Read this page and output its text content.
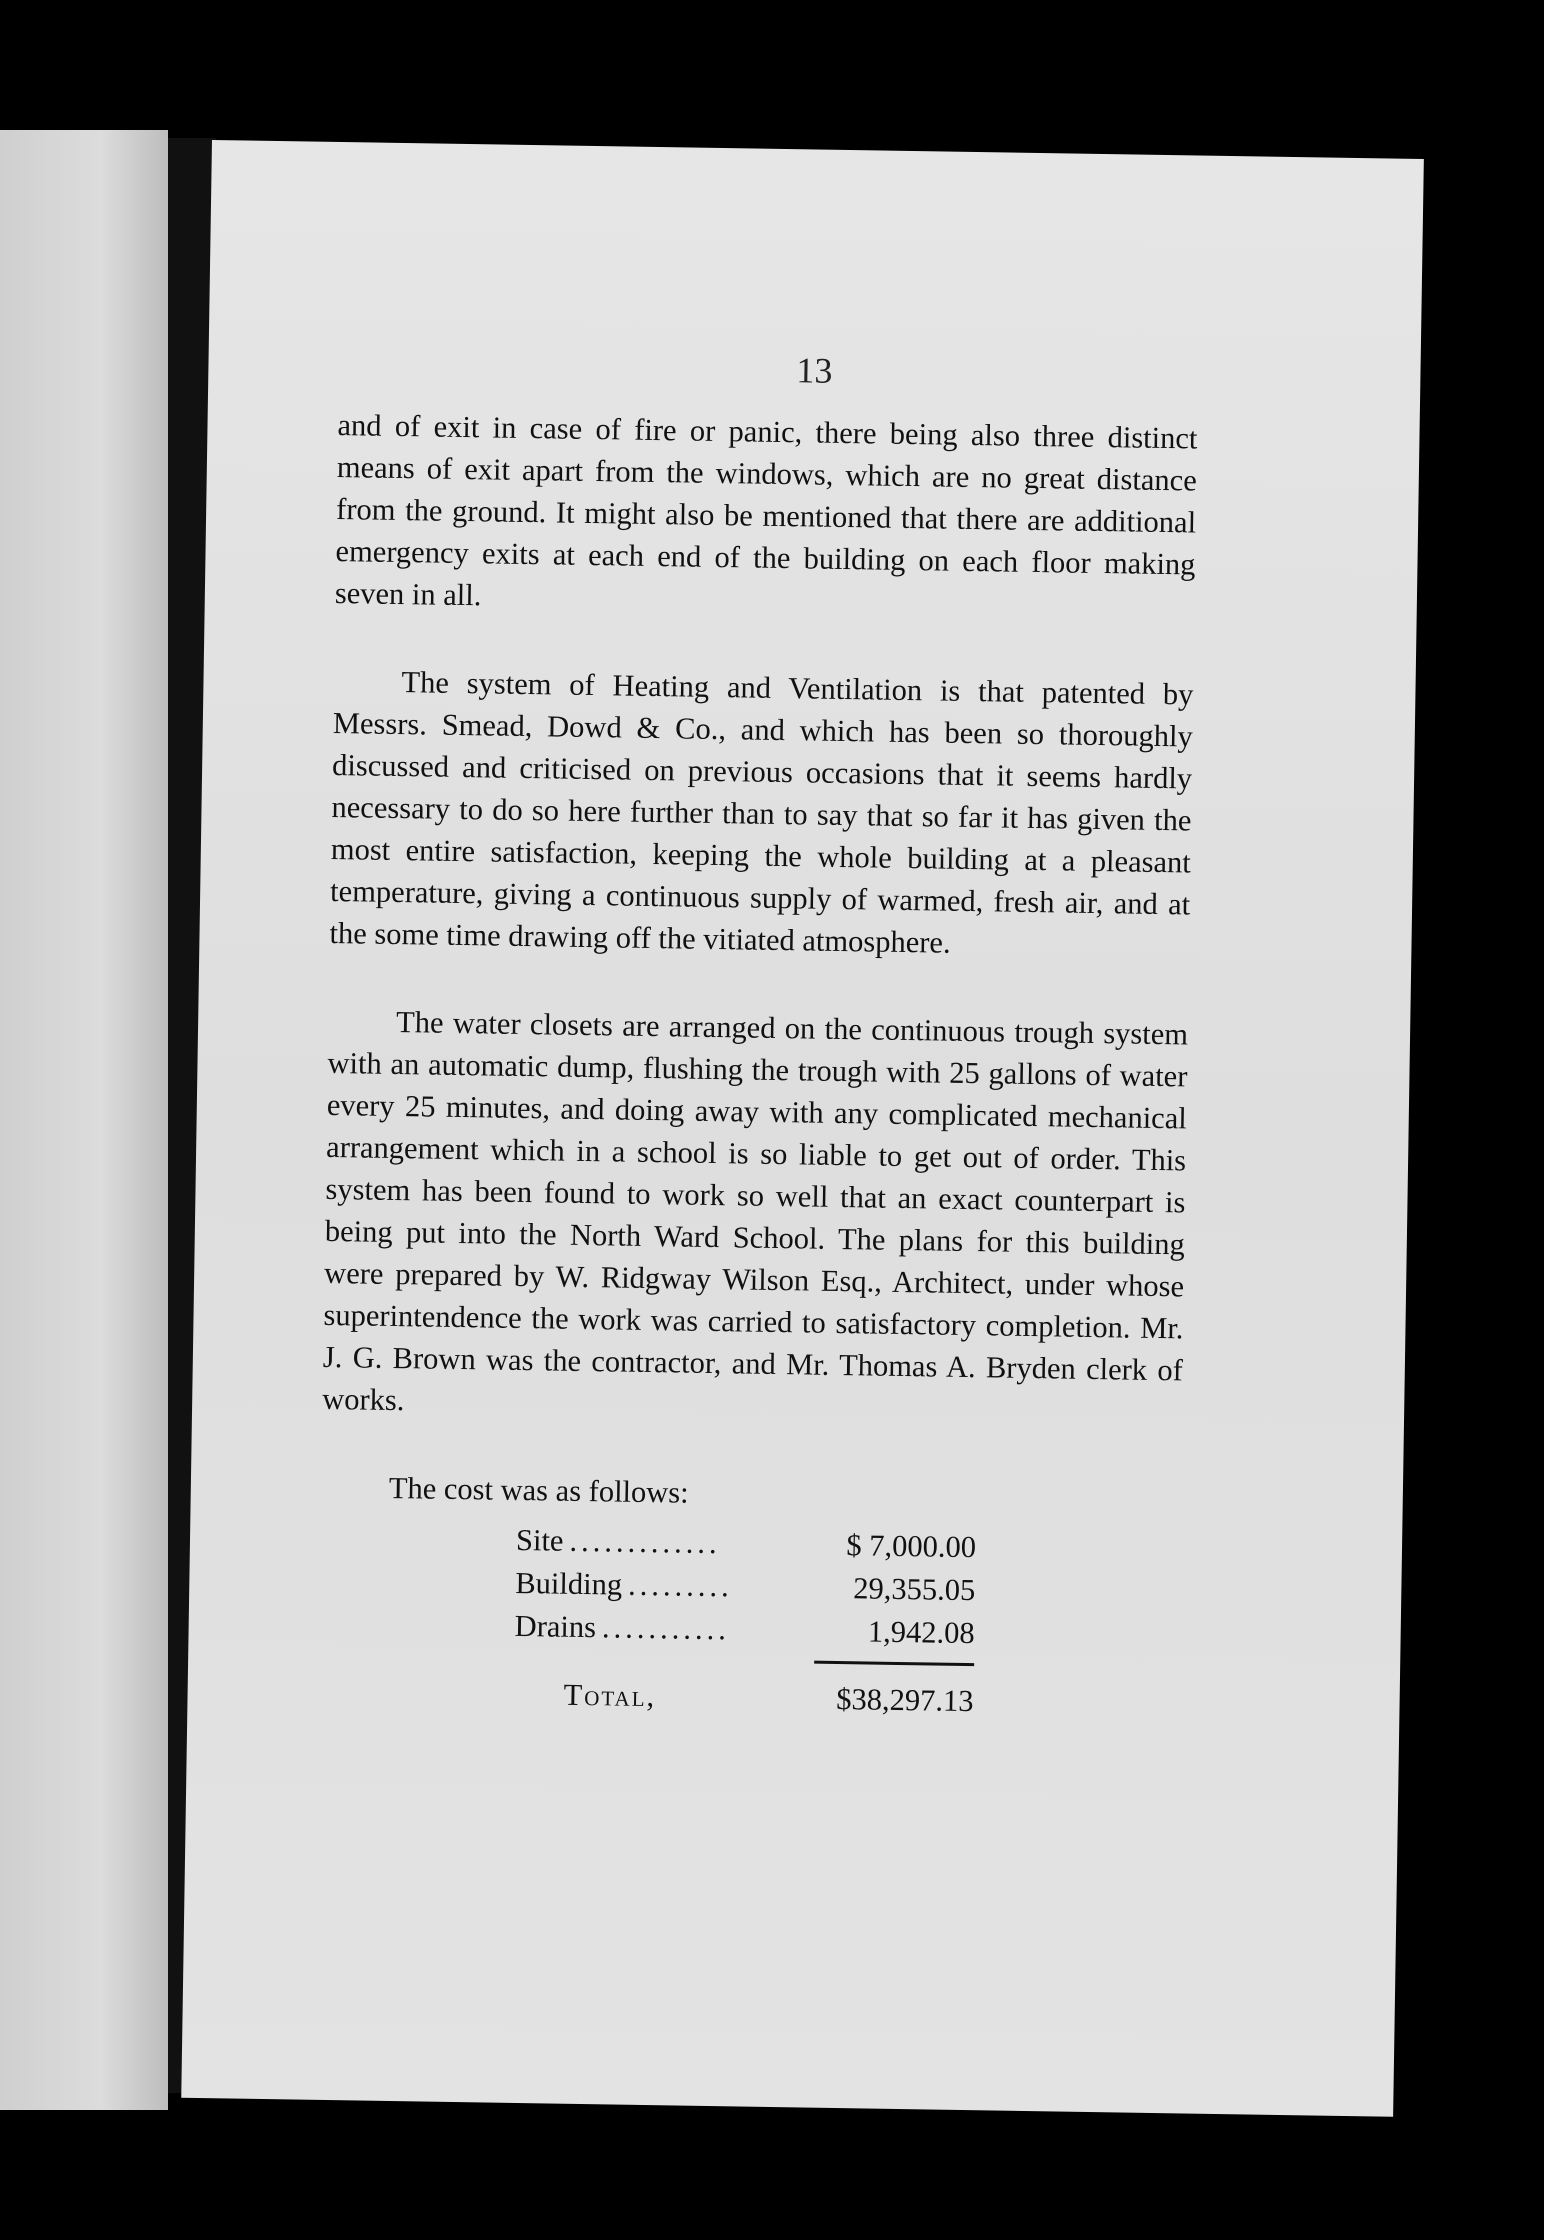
13

and of exit in case of fire or panic, there being also three distinct means of exit apart from the windows, which are no great distance from the ground. It might also be mentioned that there are additional emergency exits at each end of the building on each floor making seven in all.

The system of Heating and Ventilation is that patented by Messrs. Smead, Dowd & Co., and which has been so thoroughly discussed and criticised on previous occasions that it seems hardly necessary to do so here further than to say that so far it has given the most entire satisfaction, keeping the whole building at a pleasant temperature, giving a continuous supply of warmed, fresh air, and at the some time drawing off the vitiated atmosphere.

The water closets are arranged on the continuous trough system with an automatic dump, flushing the trough with 25 gallons of water every 25 minutes, and doing away with any complicated mechanical arrangement which in a school is so liable to get out of order. This system has been found to work so well that an exact counterpart is being put into the North Ward School. The plans for this building were prepared by W. Ridgway Wilson Esq., Architect, under whose superintendence the work was carried to satisfactory completion. Mr. J. G. Brown was the contractor, and Mr. Thomas A. Bryden clerk of works.

The cost was as follows:

Site .............	$ 7,000.00
Building .........	29,355.05
Drains ...........	1,942.08
Total,	$38,297.13
